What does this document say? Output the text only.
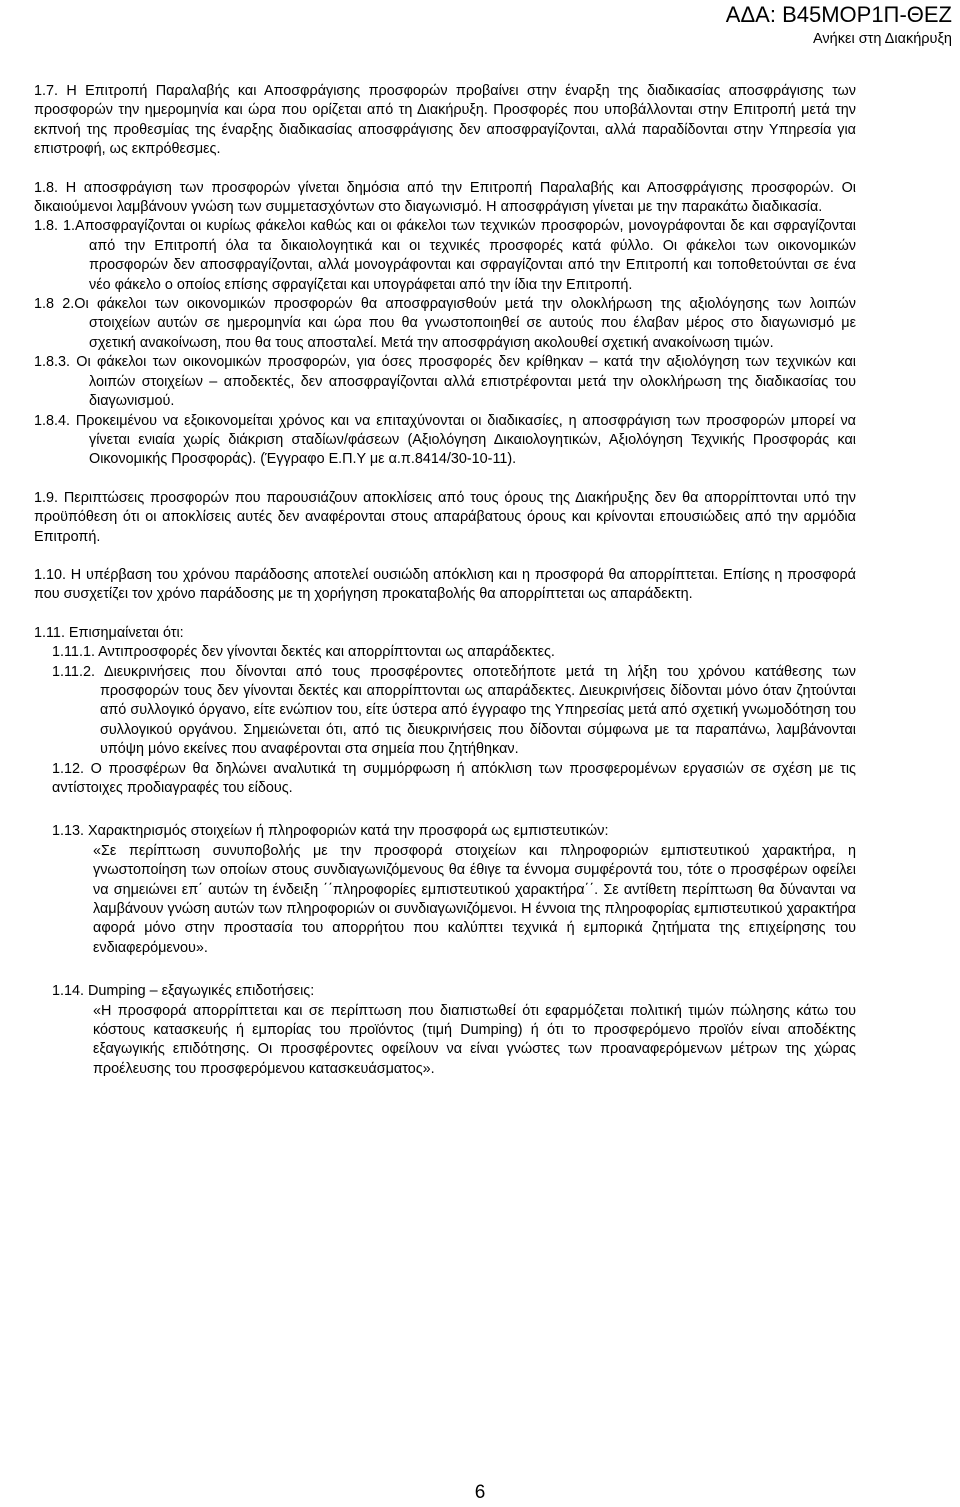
ΑΔΑ: Β45ΜΟΡ1Π-ΘΕΖ
Ανήκει στη Διακήρυξη

1.7. Η Επιτροπή Παραλαβής και Αποσφράγισης προσφορών προβαίνει στην έναρξη της διαδικασίας αποσφράγισης των προσφορών την ημερομηνία και ώρα που ορίζεται από τη Διακήρυξη. Προσφορές που υποβάλλονται στην Επιτροπή μετά την εκπνοή της προθεσμίας της έναρξης διαδικασίας αποσφράγισης δεν αποσφραγίζονται, αλλά παραδίδονται στην Υπηρεσία για επιστροφή, ως εκπρόθεσμες.

1.8. Η αποσφράγιση των προσφορών γίνεται δημόσια από την Επιτροπή Παραλαβής και Αποσφράγισης προσφορών. Οι δικαιούμενοι λαμβάνουν γνώση των συμμετασχόντων στο διαγωνισμό. Η αποσφράγιση γίνεται με την παρακάτω διαδικασία.

1.8. 1.Αποσφραγίζονται οι κυρίως φάκελοι καθώς και οι φάκελοι των τεχνικών προσφορών, μονογράφονται δε και σφραγίζονται από την Επιτροπή όλα τα δικαιολογητικά και οι τεχνικές προσφορές κατά φύλλο. Οι φάκελοι των οικονομικών προσφορών δεν αποσφραγίζονται, αλλά μονογράφονται και σφραγίζονται από την Επιτροπή και τοποθετούνται σε ένα νέο φάκελο ο οποίος επίσης σφραγίζεται και υπογράφεται από την ίδια την Επιτροπή.

1.8 2.Οι φάκελοι των οικονομικών προσφορών θα αποσφραγισθούν μετά την ολοκλήρωση της αξιολόγησης των λοιπών στοιχείων αυτών σε ημερομηνία και ώρα που θα γνωστοποιηθεί σε αυτούς που έλαβαν μέρος στο διαγωνισμό με σχετική ανακοίνωση, που θα τους αποσταλεί. Μετά την αποσφράγιση ακολουθεί σχετική ανακοίνωση τιμών.

1.8.3. Οι φάκελοι των οικονομικών προσφορών, για όσες προσφορές δεν κρίθηκαν – κατά την αξιολόγηση των τεχνικών και λοιπών στοιχείων – αποδεκτές, δεν αποσφραγίζονται αλλά επιστρέφονται μετά την ολοκλήρωση της διαδικασίας του διαγωνισμού.

1.8.4. Προκειμένου να εξοικονομείται χρόνος και να επιταχύνονται οι διαδικασίες, η αποσφράγιση των προσφορών μπορεί να γίνεται ενιαία χωρίς διάκριση σταδίων/φάσεων (Αξιολόγηση Δικαιολογητικών, Αξιολόγηση Τεχνικής Προσφοράς και Οικονομικής Προσφοράς). (Έγγραφο Ε.Π.Υ με α.π.8414/30-10-11).

1.9. Περιπτώσεις προσφορών που παρουσιάζουν αποκλίσεις από τους όρους της Διακήρυξης δεν θα απορρίπτονται υπό την προϋπόθεση ότι οι αποκλίσεις αυτές δεν αναφέρονται στους απαράβατους όρους και κρίνονται επουσιώδεις από την αρμόδια Επιτροπή.

1.10. Η υπέρβαση του χρόνου παράδοσης αποτελεί ουσιώδη απόκλιση και η προσφορά θα απορρίπτεται. Επίσης η προσφορά που συσχετίζει τον χρόνο παράδοσης με τη χορήγηση προκαταβολής θα απορρίπτεται ως απαράδεκτη.

1.11. Επισημαίνεται ότι:

1.11.1. Αντιπροσφορές δεν γίνονται δεκτές και απορρίπτονται ως απαράδεκτες.

1.11.2. Διευκρινήσεις που δίνονται από τους προσφέροντες οποτεδήποτε μετά τη λήξη του χρόνου κατάθεσης των προσφορών τους δεν γίνονται δεκτές και απορρίπτονται ως απαράδεκτες. Διευκρινήσεις δίδονται μόνο όταν ζητούνται από συλλογικό όργανο, είτε ενώπιον του, είτε ύστερα από έγγραφο της Υπηρεσίας μετά από σχετική γνωμοδότηση του συλλογικού οργάνου. Σημειώνεται ότι, από τις διευκρινήσεις που δίδονται σύμφωνα με τα παραπάνω, λαμβάνονται υπόψη μόνο εκείνες που αναφέρονται στα σημεία που ζητήθηκαν.

1.12. Ο προσφέρων θα δηλώνει αναλυτικά τη συμμόρφωση ή απόκλιση των προσφερομένων εργασιών σε σχέση με τις αντίστοιχες προδιαγραφές του είδους.

1.13. Χαρακτηρισμός στοιχείων ή πληροφοριών κατά την προσφορά ως εμπιστευτικών:

«Σε περίπτωση συνυποβολής με την προσφορά στοιχείων και πληροφοριών εμπιστευτικού χαρακτήρα, η γνωστοποίηση των οποίων στους συνδιαγωνιζόμενους θα έθιγε τα έννομα συμφέροντά του, τότε ο προσφέρων οφείλει να σημειώνει επ΄ αυτών τη ένδειξη ΄΄πληροφορίες εμπιστευτικού χαρακτήρα΄΄. Σε αντίθετη περίπτωση θα δύνανται να λαμβάνουν γνώση αυτών των πληροφοριών οι συνδιαγωνιζόμενοι. Η έννοια της πληροφορίας εμπιστευτικού χαρακτήρα αφορά μόνο στην προστασία του απορρήτου που καλύπτει τεχνικά ή εμπορικά ζητήματα της επιχείρησης του ενδιαφερόμενου».

1.14. Dumping – εξαγωγικές επιδοτήσεις:

«Η προσφορά απορρίπτεται και σε περίπτωση που διαπιστωθεί ότι εφαρμόζεται πολιτική τιμών πώλησης κάτω του κόστους κατασκευής ή εμπορίας του προϊόντος (τιμή Dumping) ή ότι το προσφερόμενο προϊόν είναι αποδέκτης εξαγωγικής επιδότησης. Οι προσφέροντες οφείλουν να είναι γνώστες των προαναφερόμενων μέτρων της χώρας προέλευσης του προσφερόμενου κατασκευάσματος».

6
